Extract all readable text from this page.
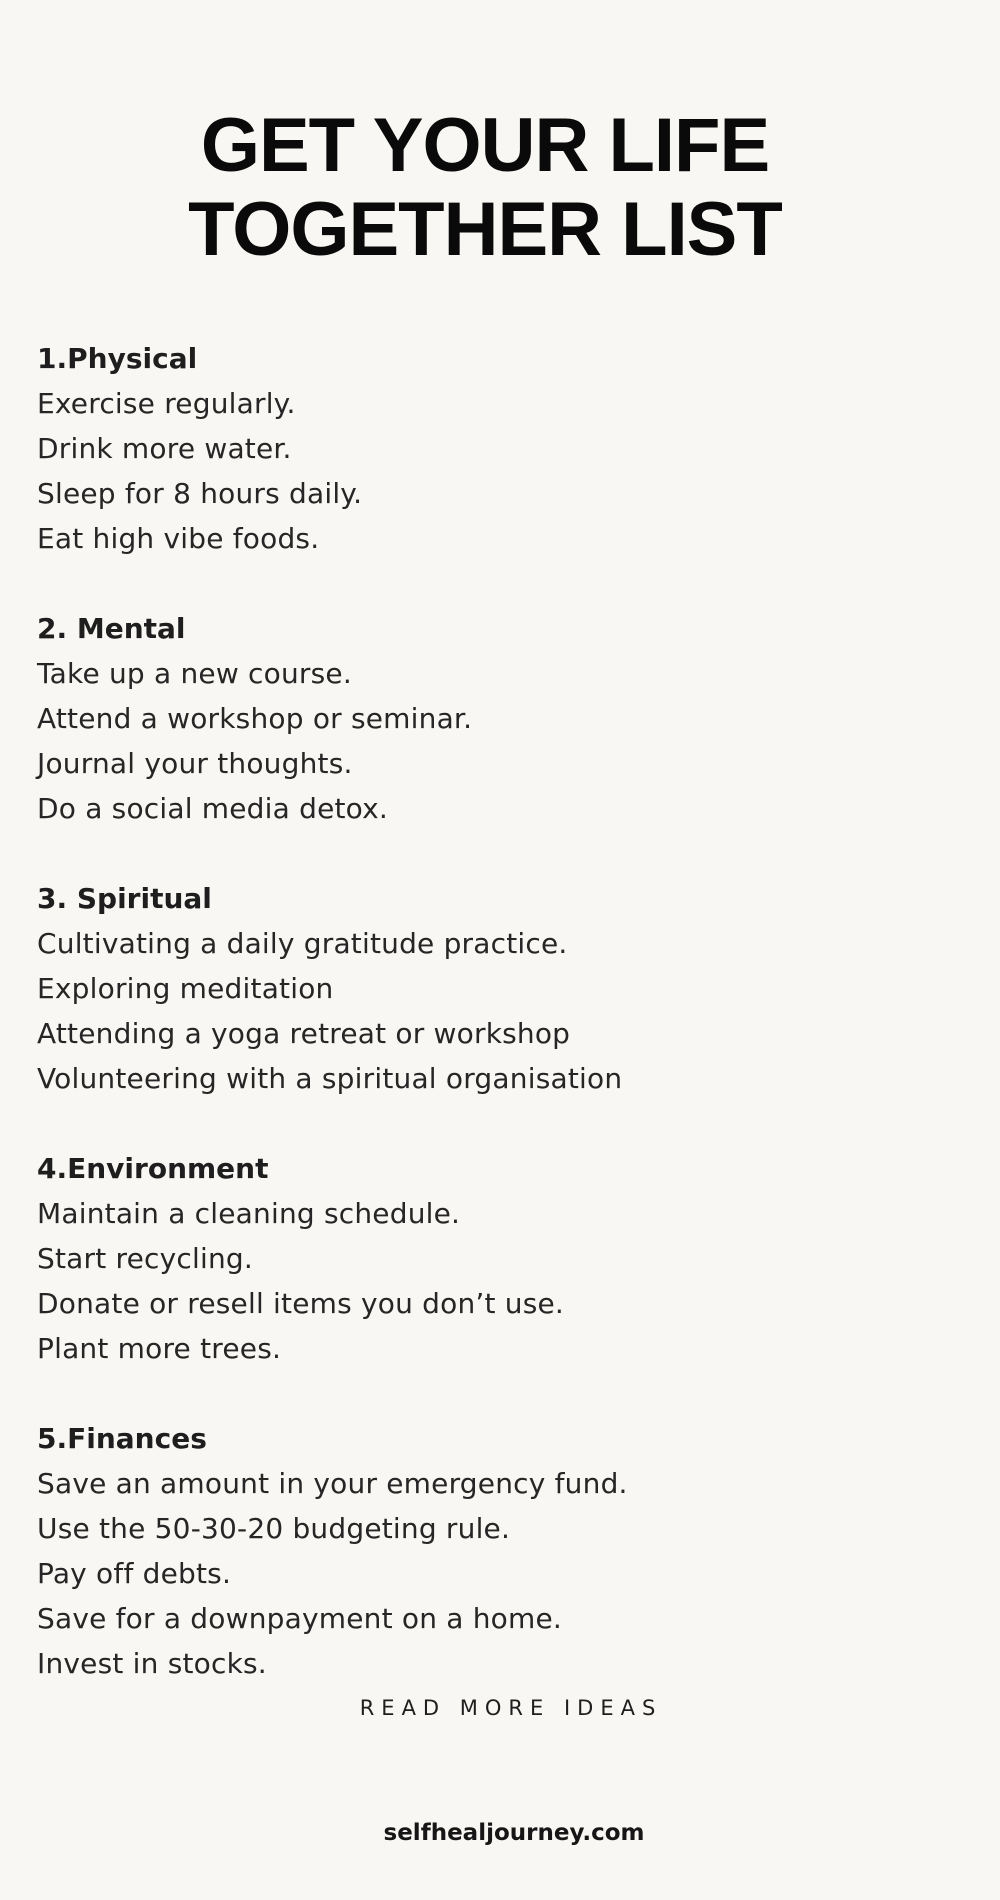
GET YOUR LIFE
TOGETHER LIST

1.Physical

Exercise regularly.

Drink more water.

Sleep for 8 hours daily.

Eat high vibe foods.

2. Mental

Take up a new course.

Attend a workshop or seminar.

Journal your thoughts.

Do a social media detox.

3. Spiritual

Cultivating a daily gratitude practice.

Exploring meditation

Attending a yoga retreat or workshop

Volunteering with a spiritual organisation

4.Environment

Maintain a cleaning schedule.

Start recycling.

Donate or resell items you don’t use.

Plant more trees.

5.Finances

Save an amount in your emergency fund.

Use the 50-30-20 budgeting rule.

Pay off debts.

Save for a downpayment on a home.

Invest in stocks.

READ MORE IDEAS
selfhealjourney.com
